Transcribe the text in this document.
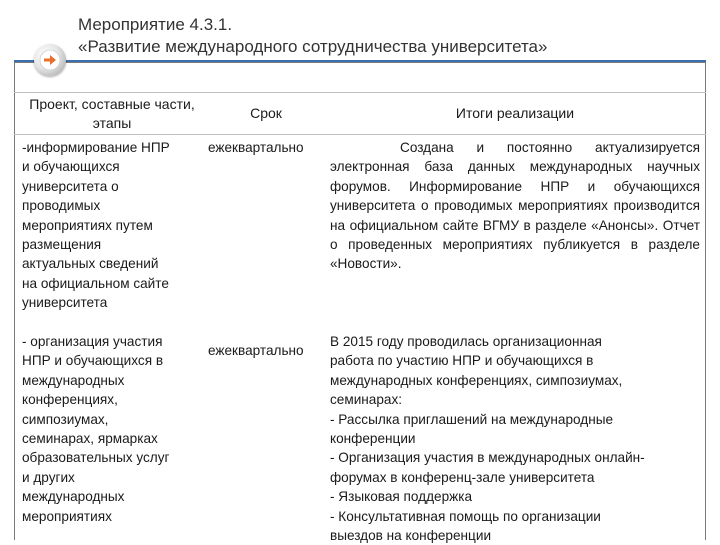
Мероприятие 4.3.1.
«Развитие международного сотрудничества университета»
Проект, составные части, этапы
Срок	Итоги реализации
-информирование НПР
и обучающихся
университета о
проводимых
мероприятиях путем
размещения
актуальных сведений
на официальном сайте
университета
ежеквартально	Создана и постоянно актуализируется электронная база данных международных научных форумов. Информирование НПР и обучающихся университета о проводимых мероприятиях производится на официальном сайте ВГМУ в разделе «Анонсы». Отчет о проведенных мероприятиях публикуется в разделе «Новости».
- организация участия
НПР и обучающихся в
международных
конференциях,
симпозиумах,
семинарах, ярмарках
образовательных услуг
и других
международных
мероприятиях
ежеквартально
В 2015 году проводилась организационная
работа по участию НПР и обучающихся в
международных конференциях, симпозиумах,
семинарах:
- Рассылка приглашений на международные
конференции
- Организация участия в международных онлайн-
форумах в конференц-зале университета
- Языковая поддержка
- Консультативная помощь по организации
выездов на конференции
